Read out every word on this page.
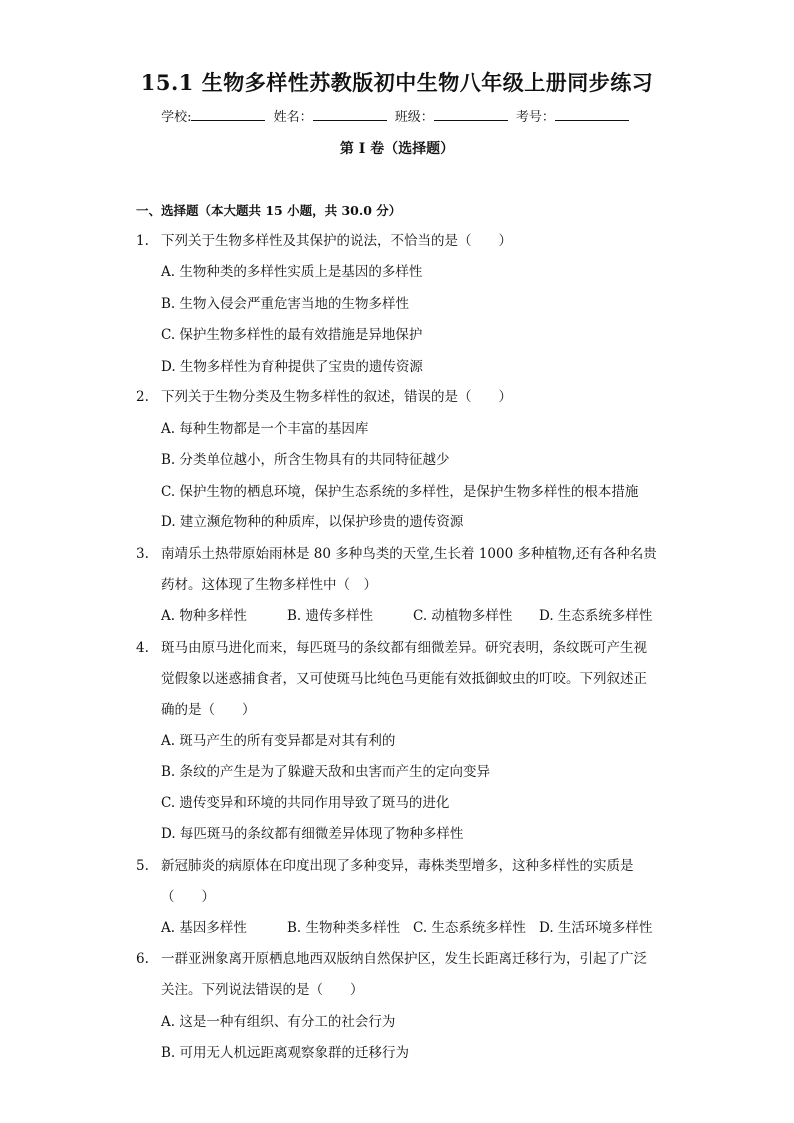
15.1 生物多样性苏教版初中生物八年级上册同步练习
学校:	姓名：	班级：	考号：
第 I 卷（选择题）
一、选择题（本大题共 15 小题，共 30.0 分）
1. 下列关于生物多样性及其保护的说法，不恰当的是（　　）
A. 生物种类的多样性实质上是基因的多样性
B. 生物入侵会严重危害当地的生物多样性
C. 保护生物多样性的最有效措施是异地保护
D. 生物多样性为育种提供了宝贵的遗传资源
2. 下列关于生物分类及生物多样性的叙述，错误的是（　　）
A. 每种生物都是一个丰富的基因库
B. 分类单位越小，所含生物具有的共同特征越少
C. 保护生物的栖息环境，保护生态系统的多样性，是保护生物多样性的根本措施
D. 建立濒危物种的种质库，以保护珍贵的遗传资源
3. 南靖乐土热带原始雨林是 80 多种鸟类的天堂,生长着 1000 多种植物,还有各种名贵
药材。这体现了生物多样性中（　）
A. 物种多样性	B. 遗传多样性	C. 动植物多样性 D. 生态系统多样性
4. 斑马由原马进化而来，每匹斑马的条纹都有细微差异。研究表明，条纹既可产生视
觉假象以迷惑捕食者，又可使斑马比纯色马更能有效抵御蚊虫的叮咬。下列叙述正
确的是（　　）
A. 斑马产生的所有变异都是对其有利的
B. 条纹的产生是为了躲避天敌和虫害而产生的定向变异
C. 遗传变异和环境的共同作用导致了斑马的进化
D. 每匹斑马的条纹都有细微差异体现了物种多样性
5. 新冠肺炎的病原体在印度出现了多种变异，毒株类型增多，这种多样性的实质是
（　　）
A. 基因多样性	B. 生物种类多样性 C. 生态系统多样性 D. 生活环境多样性
6. 一群亚洲象离开原栖息地西双版纳自然保护区，发生长距离迁移行为，引起了广泛
关注。下列说法错误的是（　　）
A. 这是一种有组织、有分工的社会行为
B. 可用无人机远距离观察象群的迁移行为
